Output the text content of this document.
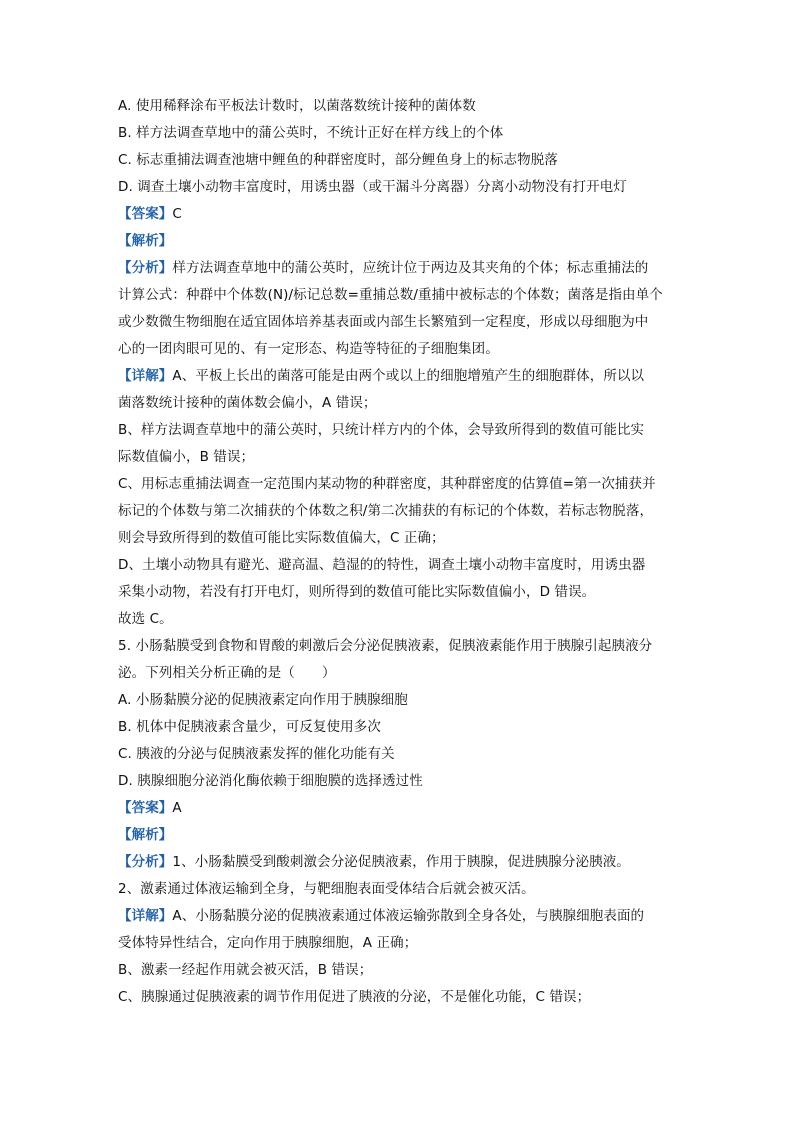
A. 使用稀释涂布平板法计数时，以菌落数统计接种的菌体数
B. 样方法调查草地中的蒲公英时，不统计正好在样方线上的个体
C. 标志重捕法调查池塘中鲤鱼的种群密度时，部分鲤鱼身上的标志物脱落
D. 调查土壤小动物丰富度时，用诱虫器（或干漏斗分离器）分离小动物没有打开电灯
【答案】C
【解析】
【分析】样方法调查草地中的蒲公英时，应统计位于两边及其夹角的个体；标志重捕法的
计算公式：种群中个体数(N)/标记总数=重捕总数/重捕中被标志的个体数；菌落是指由单个
或少数微生物细胞在适宜固体培养基表面或内部生长繁殖到一定程度，形成以母细胞为中
心的一团肉眼可见的、有一定形态、构造等特征的子细胞集团。
【详解】A、平板上长出的菌落可能是由两个或以上的细胞增殖产生的细胞群体，所以以
菌落数统计接种的菌体数会偏小，A 错误；
B、样方法调查草地中的蒲公英时，只统计样方内的个体，会导致所得到的数值可能比实
际数值偏小，B 错误；
C、用标志重捕法调查一定范围内某动物的种群密度，其种群密度的估算值=第一次捕获并
标记的个体数与第二次捕获的个体数之积/第二次捕获的有标记的个体数，若标志物脱落，
则会导致所得到的数值可能比实际数值偏大，C 正确；
D、土壤小动物具有避光、避高温、趋湿的的特性，调查土壤小动物丰富度时，用诱虫器
采集小动物，若没有打开电灯，则所得到的数值可能比实际数值偏小，D 错误。
故选 C。
5. 小肠黏膜受到食物和胃酸的刺激后会分泌促胰液素，促胰液素能作用于胰腺引起胰液分
泌。下列相关分析正确的是（　　）
A. 小肠黏膜分泌的促胰液素定向作用于胰腺细胞
B. 机体中促胰液素含量少，可反复使用多次
C. 胰液的分泌与促胰液素发挥的催化功能有关
D. 胰腺细胞分泌消化酶依赖于细胞膜的选择透过性
【答案】A
【解析】
【分析】1、小肠黏膜受到酸刺激会分泌促胰液素，作用于胰腺，促进胰腺分泌胰液。
2、激素通过体液运输到全身，与靶细胞表面受体结合后就会被灭活。
【详解】A、小肠黏膜分泌的促胰液素通过体液运输弥散到全身各处，与胰腺细胞表面的
受体特异性结合，定向作用于胰腺细胞，A 正确；
B、激素一经起作用就会被灭活，B 错误；
C、胰腺通过促胰液素的调节作用促进了胰液的分泌，不是催化功能，C 错误；
